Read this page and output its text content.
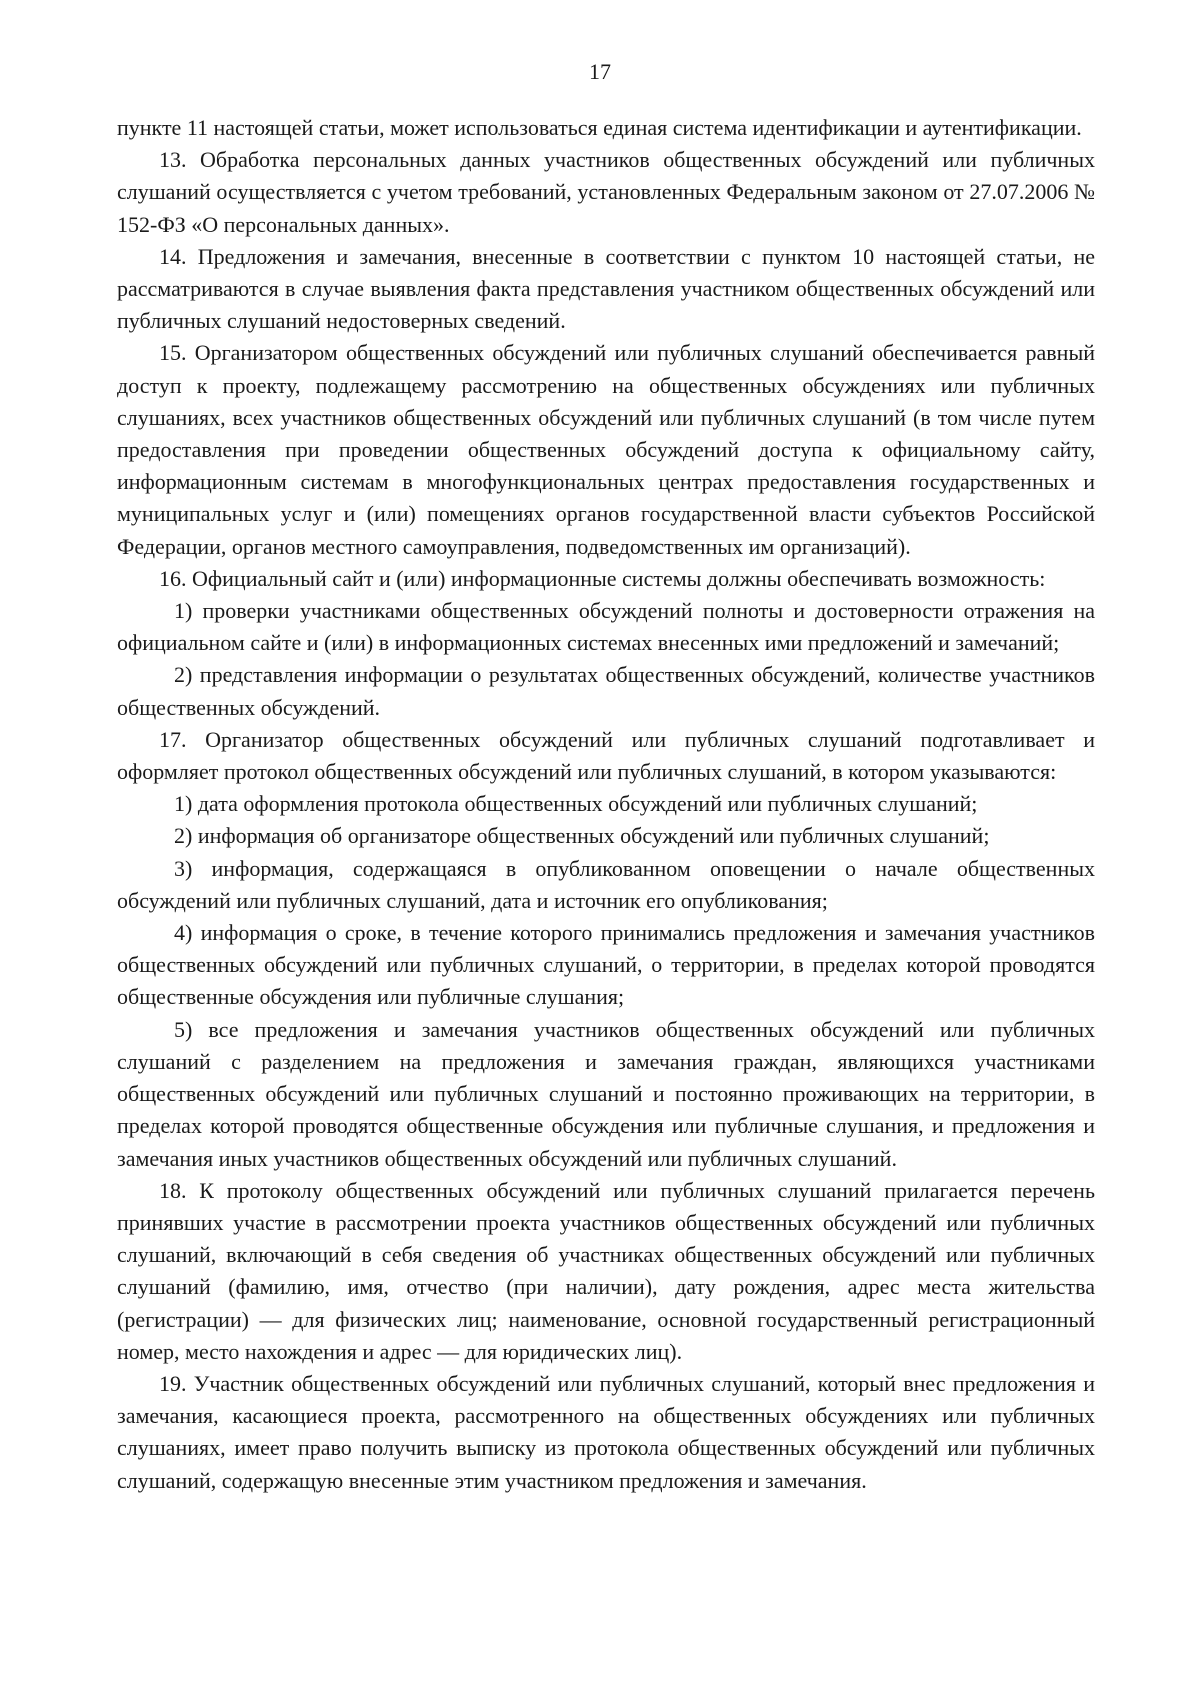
17

пункте 11 настоящей статьи, может использоваться единая система идентификации и аутентификации.

13. Обработка персональных данных участников общественных обсуждений или публичных слушаний осуществляется с учетом требований, установленных Федеральным законом от 27.07.2006 № 152-ФЗ «О персональных данных».

14. Предложения и замечания, внесенные в соответствии с пунктом 10 настоящей статьи, не рассматриваются в случае выявления факта представления участником общественных обсуждений или публичных слушаний недостоверных сведений.

15. Организатором общественных обсуждений или публичных слушаний обеспечивается равный доступ к проекту, подлежащему рассмотрению на общественных обсуждениях или публичных слушаниях, всех участников общественных обсуждений или публичных слушаний (в том числе путем предоставления при проведении общественных обсуждений доступа к официальному сайту, информационным системам в многофункциональных центрах предоставления государственных и муниципальных услуг и (или) помещениях органов государственной власти субъектов Российской Федерации, органов местного самоуправления, подведомственных им организаций).

16. Официальный сайт и (или) информационные системы должны обеспечивать возможность:

1) проверки участниками общественных обсуждений полноты и достоверности отражения на официальном сайте и (или) в информационных системах внесенных ими предложений и замечаний;

2) представления информации о результатах общественных обсуждений, количестве участников общественных обсуждений.

17. Организатор общественных обсуждений или публичных слушаний подготавливает и оформляет протокол общественных обсуждений или публичных слушаний, в котором указываются:

1) дата оформления протокола общественных обсуждений или публичных слушаний;

2) информация об организаторе общественных обсуждений или публичных слушаний;

3) информация, содержащаяся в опубликованном оповещении о начале общественных обсуждений или публичных слушаний, дата и источник его опубликования;

4) информация о сроке, в течение которого принимались предложения и замечания участников общественных обсуждений или публичных слушаний, о территории, в пределах которой проводятся общественные обсуждения или публичные слушания;

5) все предложения и замечания участников общественных обсуждений или публичных слушаний с разделением на предложения и замечания граждан, являющихся участниками общественных обсуждений или публичных слушаний и постоянно проживающих на территории, в пределах которой проводятся общественные обсуждения или публичные слушания, и предложения и замечания иных участников общественных обсуждений или публичных слушаний.

18. К протоколу общественных обсуждений или публичных слушаний прилагается перечень принявших участие в рассмотрении проекта участников общественных обсуждений или публичных слушаний, включающий в себя сведения об участниках общественных обсуждений или публичных слушаний (фамилию, имя, отчество (при наличии), дату рождения, адрес места жительства (регистрации) — для физических лиц; наименование, основной государственный регистрационный номер, место нахождения и адрес — для юридических лиц).

19. Участник общественных обсуждений или публичных слушаний, который внес предложения и замечания, касающиеся проекта, рассмотренного на общественных обсуждениях или публичных слушаниях, имеет право получить выписку из протокола общественных обсуждений или публичных слушаний, содержащую внесенные этим участником предложения и замечания.
